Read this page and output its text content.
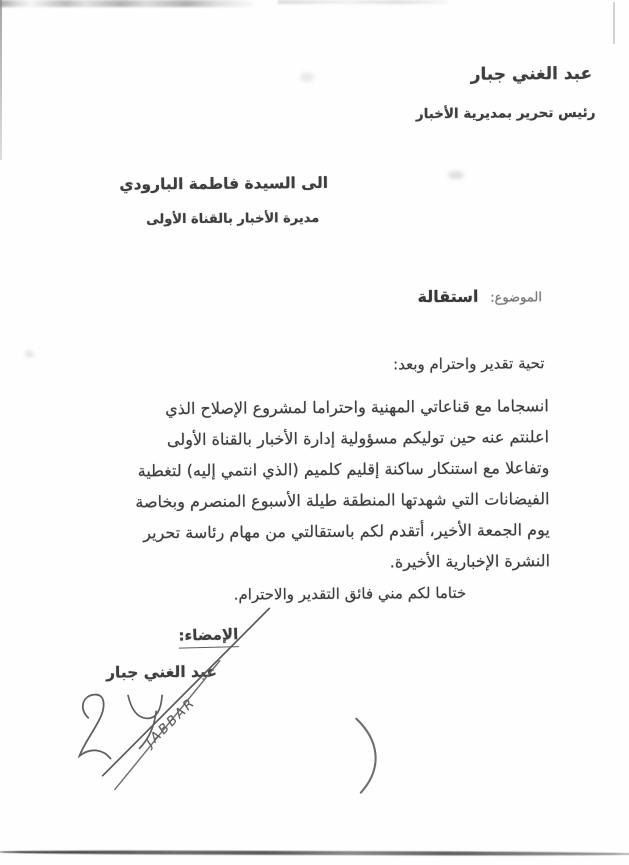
عبد الغني جبار
رئيس تحرير بمديرية الأخبار
الى السيدة فاطمة البارودي
مديرة الأخبار بالقناة الأولى
الموضوع: استقالة
تحية تقدير واحترام وبعد:
انسجاما مع قناعاتي المهنية واحتراما لمشروع الإصلاح الذي
اعلنتم عنه حين توليكم مسؤولية إدارة الأخبار بالقناة الأولى
وتفاعلا مع استنكار ساكنة إقليم كلميم (الذي انتمي إليه) لتغطية
الفيضانات التي شهدتها المنطقة طيلة الأسبوع المنصرم وبخاصة
يوم الجمعة الأخير، أتقدم لكم باستقالتي من مهام رئاسة تحرير
النشرة الإخبارية الأخيرة.
ختاما لكم مني فائق التقدير والاحترام.
الإمضاء:
عبد الغني جبار
JABBAR
